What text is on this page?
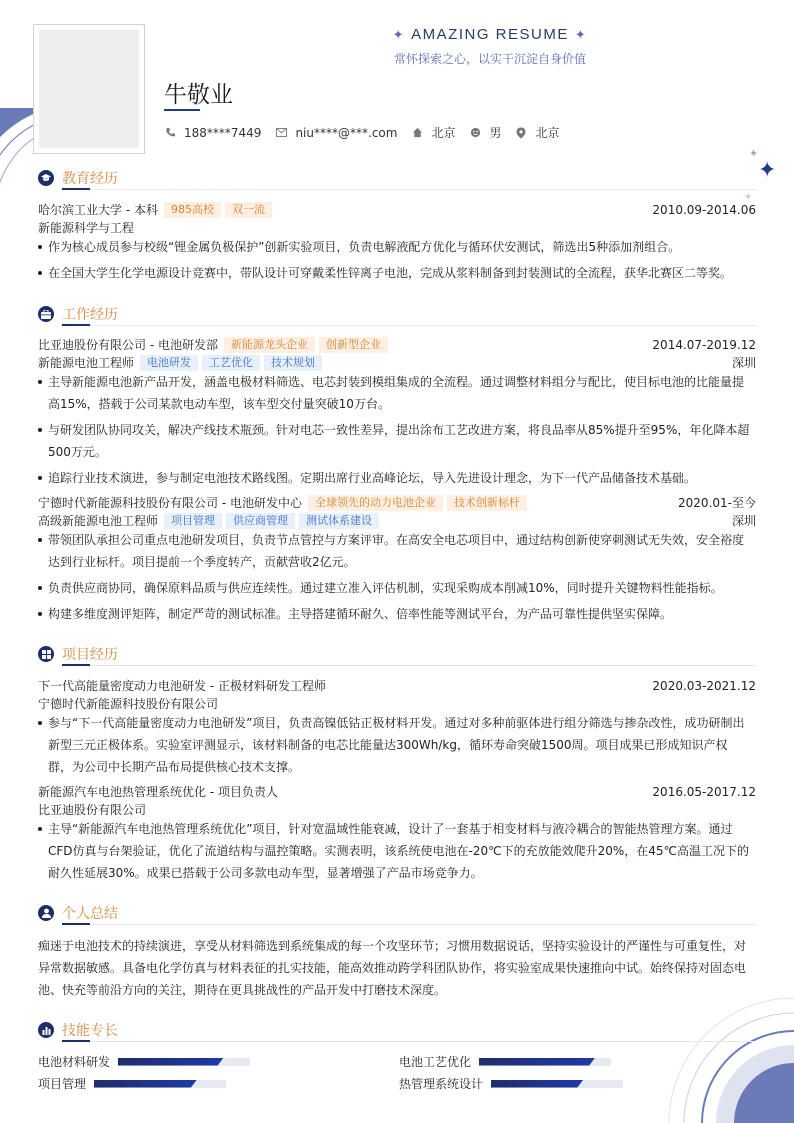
✦
✦
✦
✦ AMAZING RESUME ✦
常怀探索之心，以实干沉淀自身价值
牛敬业
188****7449	niu****@***.com	北京	男	北京
教育经历
哈尔滨工业大学 - 本科	985高校	双一流	2010.09-2014.06
新能源科学与工程
作为核心成员参与校级“锂金属负极保护”创新实验项目，负责电解液配方优化与循环伏安测试，筛选出5种添加剂组合。
在全国大学生化学电源设计竞赛中，带队设计可穿戴柔性锌离子电池，完成从浆料制备到封装测试的全流程，获华北赛区二等奖。
工作经历
比亚迪股份有限公司 - 电池研发部	新能源龙头企业	创新型企业	2014.07-2019.12
新能源电池工程师	电池研发	工艺优化	技术规划	深圳
主导新能源电池新产品开发，涵盖电极材料筛选、电芯封装到模组集成的全流程。通过调整材料组分与配比，使目标电池的比能量提高15%，搭载于公司某款电动车型，该车型交付量突破10万台。
与研发团队协同攻关，解决产线技术瓶颈。针对电芯一致性差异，提出涂布工艺改进方案，将良品率从85%提升至95%，年化降本超500万元。
追踪行业技术演进，参与制定电池技术路线图。定期出席行业高峰论坛，导入先进设计理念，为下一代产品储备技术基础。
宁德时代新能源科技股份有限公司 - 电池研发中心	全球领先的动力电池企业	技术创新标杆	2020.01-至今
高级新能源电池工程师	项目管理	供应商管理	测试体系建设	深圳
带领团队承担公司重点电池研发项目，负责节点管控与方案评审。在高安全电芯项目中，通过结构创新使穿刺测试无失效，安全裕度达到行业标杆。项目提前一个季度转产，贡献营收2亿元。
负责供应商协同，确保原料品质与供应连续性。通过建立准入评估机制，实现采购成本削减10%，同时提升关键物料性能指标。
构建多维度测评矩阵，制定严苛的测试标准。主导搭建循环耐久、倍率性能等测试平台，为产品可靠性提供坚实保障。
项目经历
下一代高能量密度动力电池研发 - 正极材料研发工程师	2020.03-2021.12
宁德时代新能源科技股份有限公司
参与“下一代高能量密度动力电池研发”项目，负责高镍低钴正极材料开发。通过对多种前驱体进行组分筛选与掺杂改性，成功研制出新型三元正极体系。实验室评测显示，该材料制备的电芯比能量达300Wh/kg，循环寿命突破1500周。项目成果已形成知识产权群，为公司中长期产品布局提供核心技术支撑。
新能源汽车电池热管理系统优化 - 项目负责人	2016.05-2017.12
比亚迪股份有限公司
主导“新能源汽车电池热管理系统优化”项目，针对宽温域性能衰减，设计了一套基于相变材料与液冷耦合的智能热管理方案。通过CFD仿真与台架验证，优化了流道结构与温控策略。实测表明，该系统使电池在-20℃下的充放能效爬升20%，在45℃高温工况下的耐久性延展30%。成果已搭载于公司多款电动车型，显著增强了产品市场竞争力。
个人总结
痴迷于电池技术的持续演进，享受从材料筛选到系统集成的每一个攻坚环节；习惯用数据说话，坚持实验设计的严谨性与可重复性，对异常数据敏感。具备电化学仿真与材料表征的扎实技能，能高效推动跨学科团队协作，将实验室成果快速推向中试。始终保持对固态电池、快充等前沿方向的关注，期待在更具挑战性的产品开发中打磨技术深度。
技能专长
电池材料研发	电池工艺优化
项目管理	热管理系统设计
